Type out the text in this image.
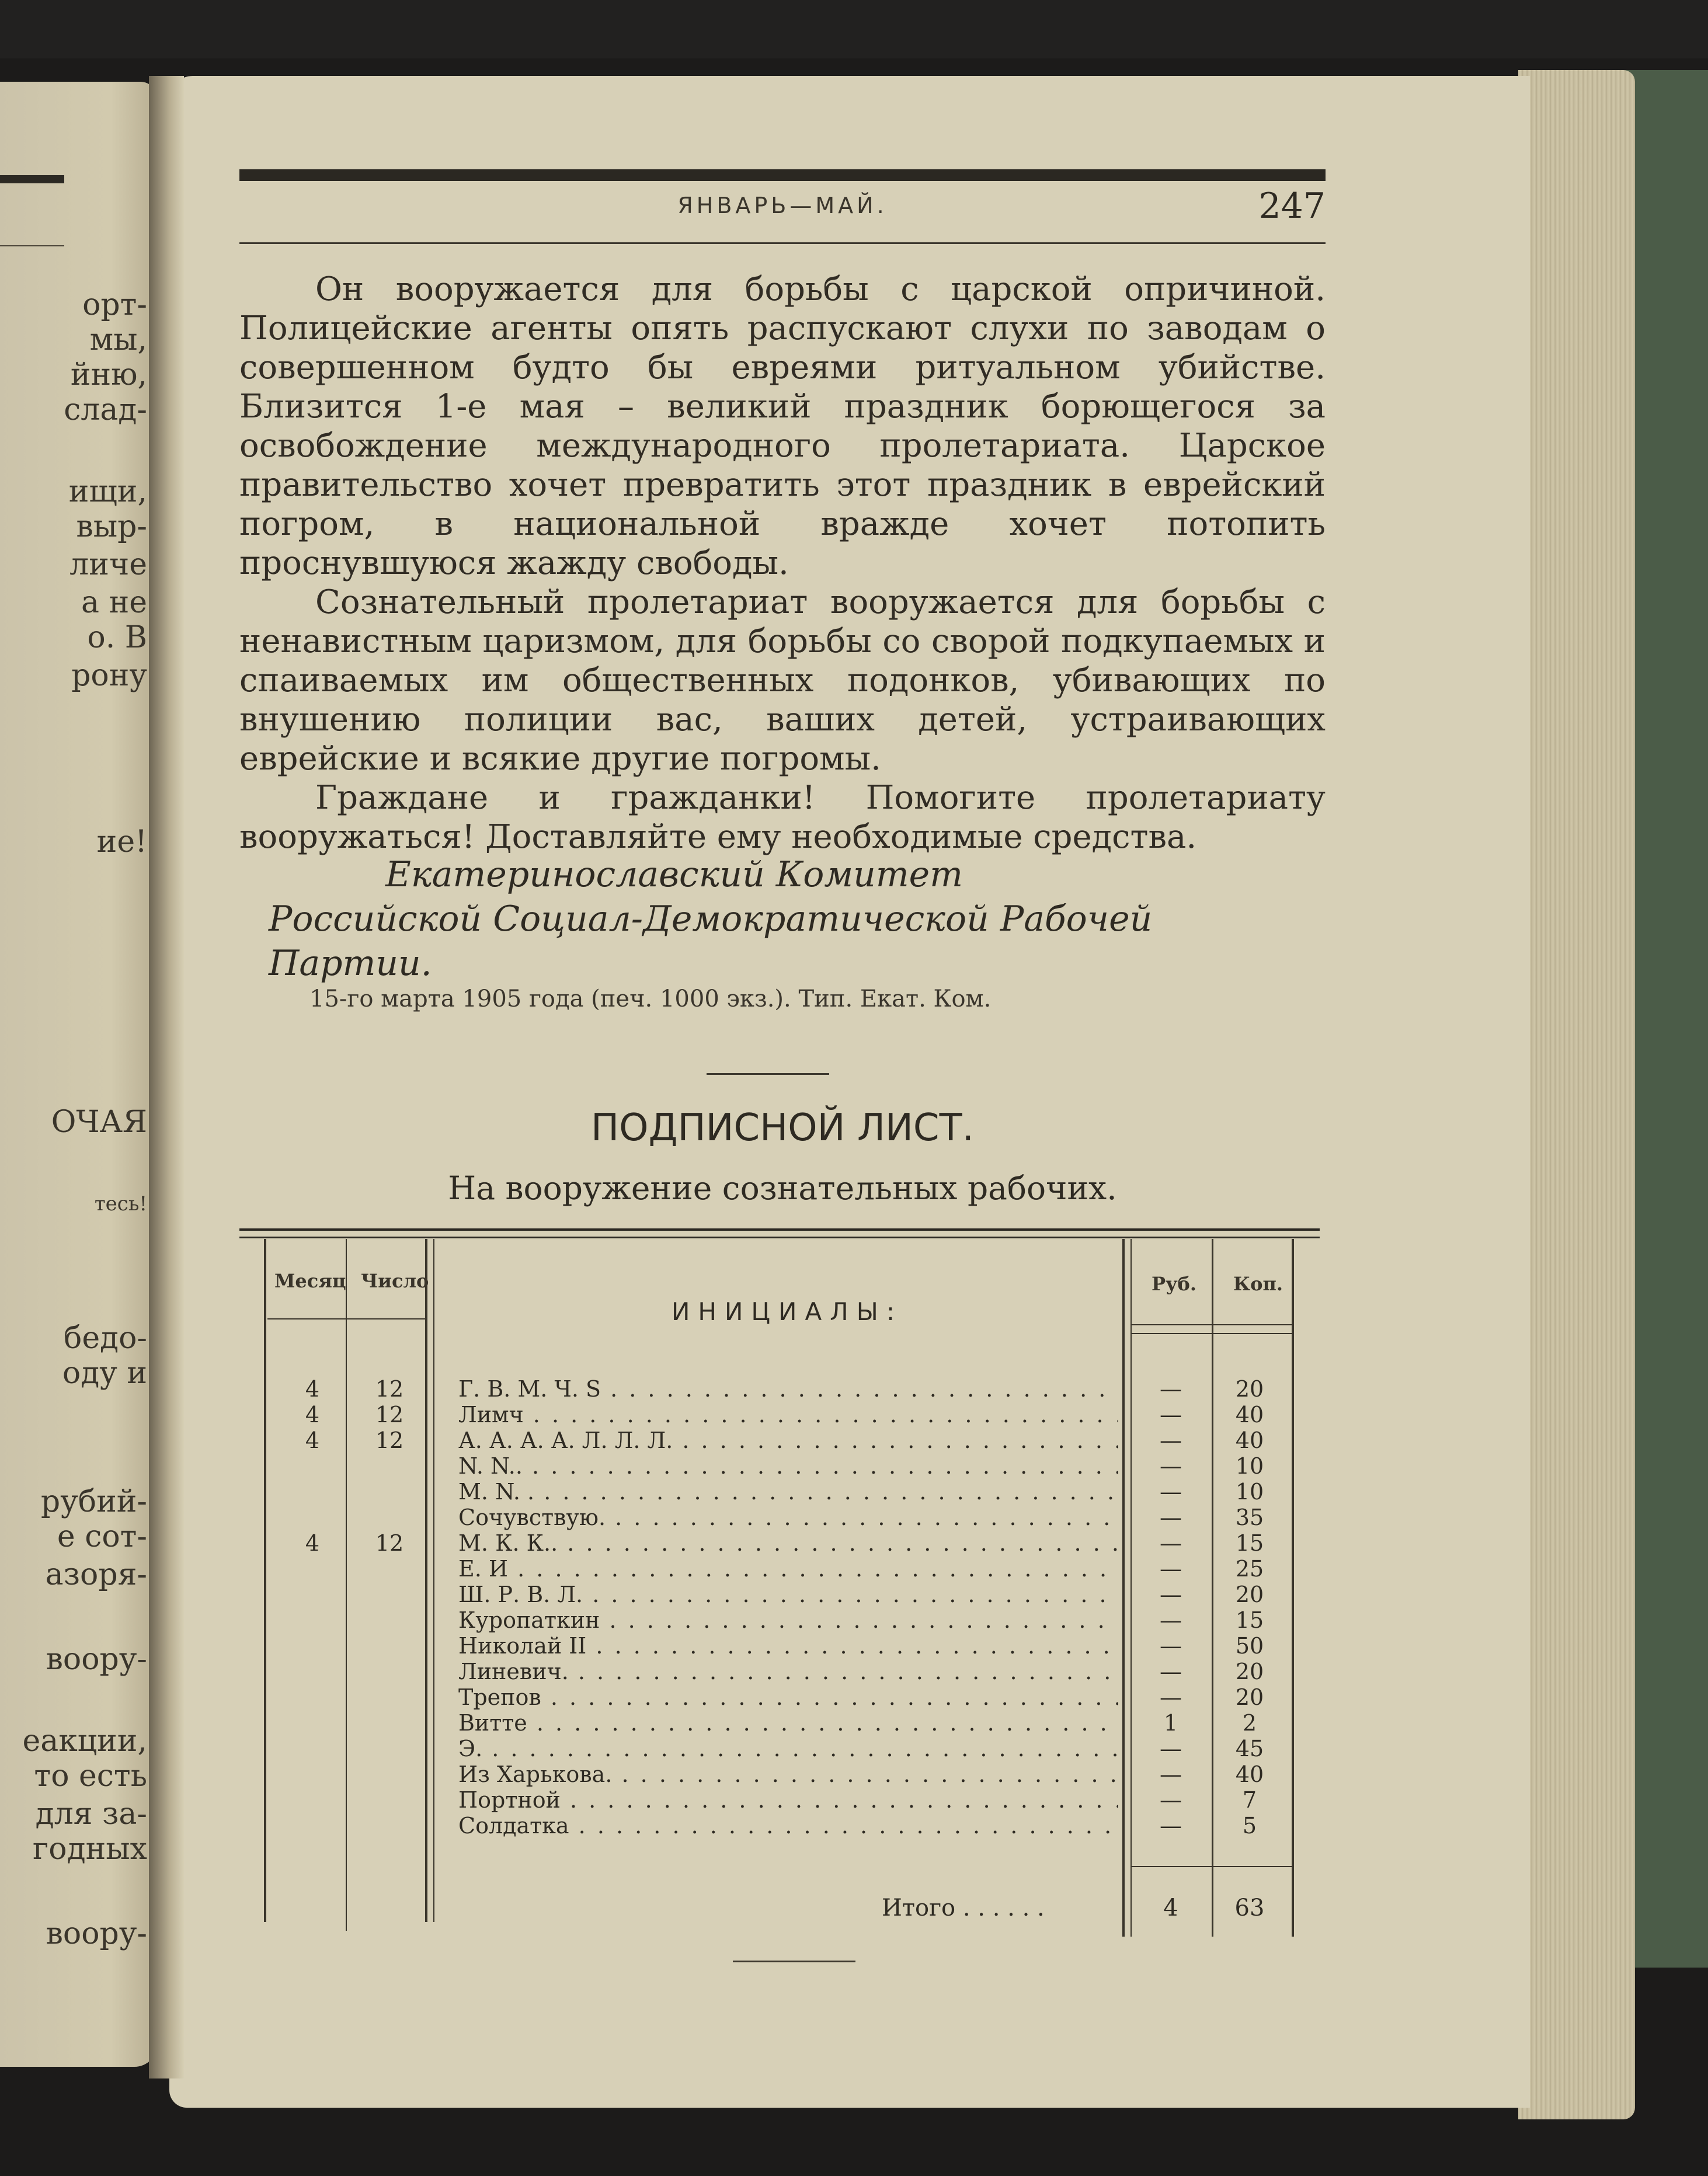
орт-
мы,
йню,
слад-
ищи,
выр-
личе
а не
о. В
рону
ие!
ОЧАЯ
тесь!
бедо-
оду и
рубий-
е сот-
азоря-
воору-
еакции,
то есть
для за-
годных
воору-
ЯНВАРЬ—МАЙ.	247

Он вооружается для борьбы с царской опричиной. Полицейские агенты опять распускают слухи по заводам о совершенном будто бы евреями ритуальном убийстве. Близится 1-е мая – великий праздник борющегося за освобождение международного пролетариата. Царское правительство хочет превратить этот праздник в еврейский погром, в национальной вражде хочет потопить проснувшуюся жажду свободы.

Сознательный пролетариат вооружается для борьбы с ненавистным царизмом, для борьбы со сворой подкупаемых и спаиваемых им общественных подонков, убивающих по внушению полиции вас, ваших детей, устраивающих еврейские и всякие другие погромы.

Граждане и гражданки! Помогите пролетариату вооружаться! Доставляйте ему необходимые средства.

Екатеринославский Комитет
Российской Социал-Демократической Рабочей Партии.
15-го марта 1905 года (печ. 1000 экз.). Тип. Екат. Ком.
ПОДПИСНОЙ ЛИСТ.
На вооружение сознательных рабочих.
Месяц Число
ИНИЦИАЛЫ:
Руб. Коп.
4	12 Г. В. М. Ч. S . . .	—	20
4	12 Лимч . . .	—	40
4	12 А. А. А. А. Л. Л. Л. . . .	—	40
N. N.. . . .	—	10
M. N. . . . .	—	10
Сочувствую. . . .	—	35
4	12 М. К. К.. . . .	—	15
Е. И . . .	—	25
Ш. Р. В. Л. . . .	—	20
Куропаткин . . .	—	15
Николай II . . .	—	50
Линевич. . . .	—	20
Трепов . . .	—	20
Витте . . .	1	2
Э. . . .	—	45
Из Харькова. . . .	—	40
Портной . . .	—	7
Солдатка . . .	—	5
Итого . . . . . .	4	63
